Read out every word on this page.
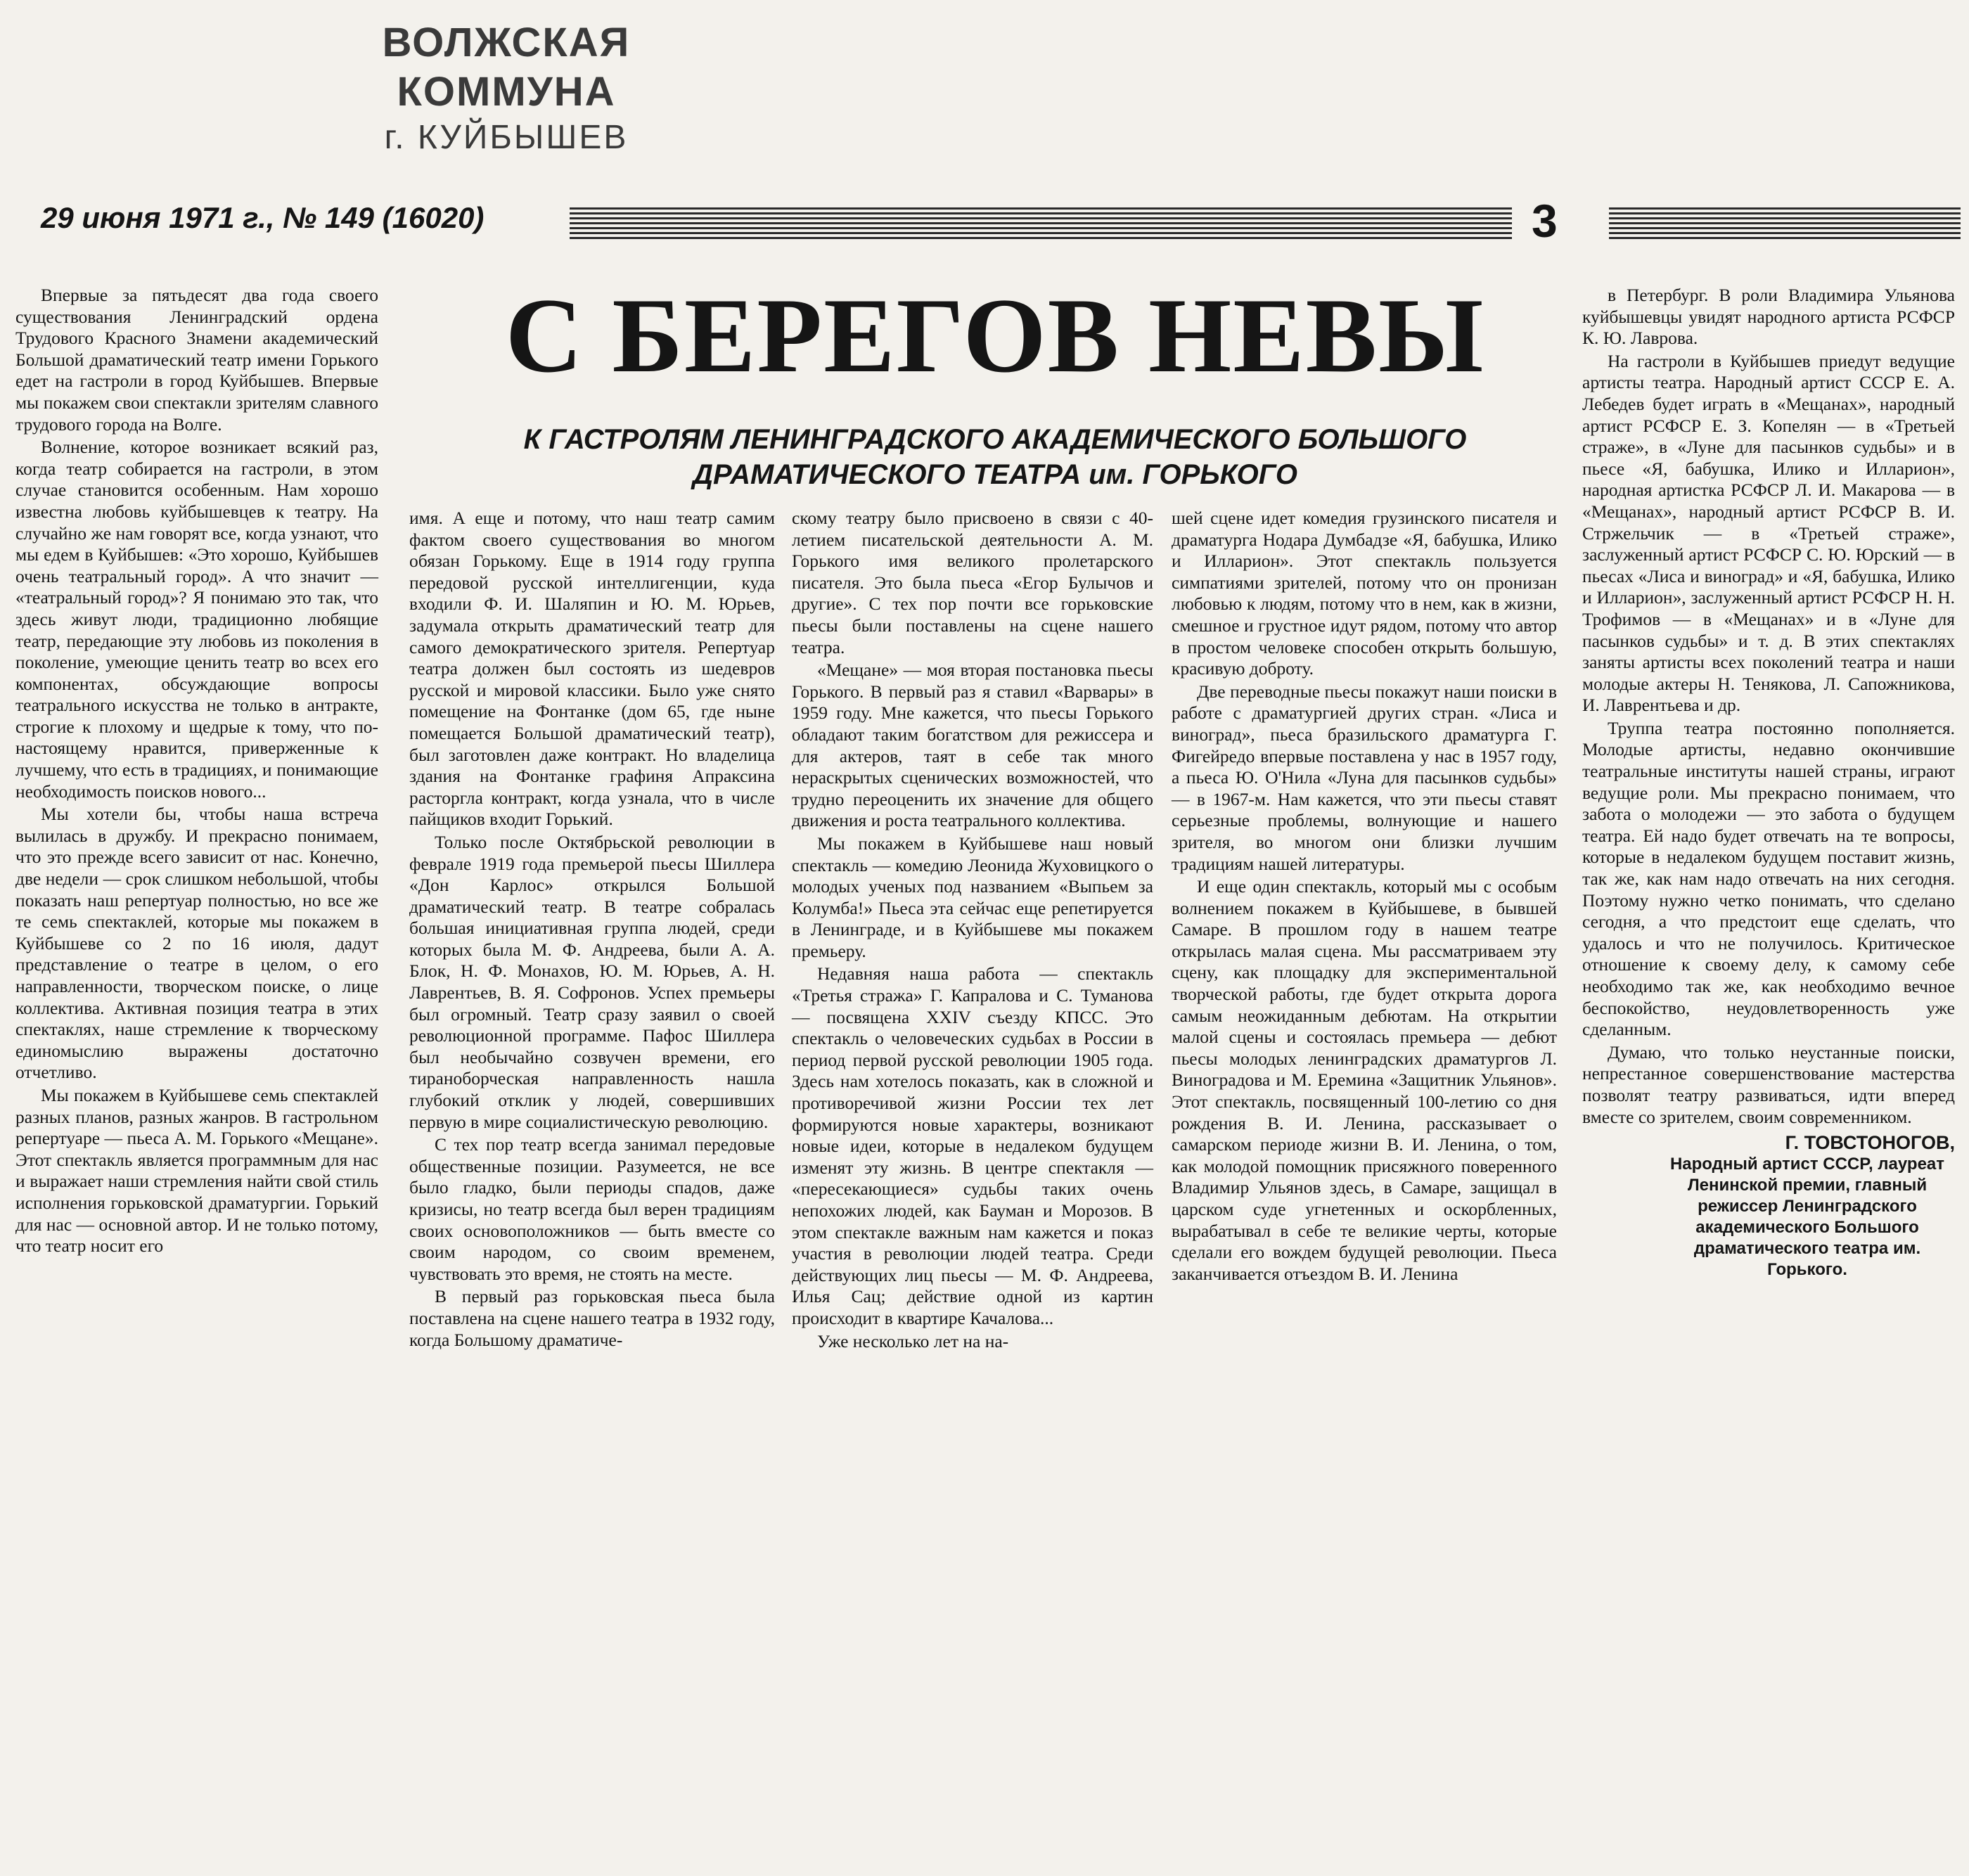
ВОЛЖСКАЯ КОММУНА
г. КУЙБЫШЕВ
29 июня 1971 г., № 149 (16020)	3
С БЕРЕГОВ НЕВЫ
К ГАСТРОЛЯМ ЛЕНИНГРАДСКОГО АКАДЕМИЧЕСКОГО БОЛЬШОГО
ДРАМАТИЧЕСКОГО ТЕАТРА им. ГОРЬКОГО

Впервые за пятьдесят два года своего существования Ленинградский ордена Трудового Красного Знамени академический Большой драматический театр имени Горького едет на гастроли в город Куйбышев. Впервые мы покажем свои спектакли зрителям славного трудового города на Волге.

Волнение, которое возникает всякий раз, когда театр собирается на гастроли, в этом случае становится особенным. Нам хорошо известна любовь куйбышевцев к театру. На случайно же нам говорят все, когда узнают, что мы едем в Куйбышев: «Это хорошо, Куйбышев очень театральный город». А что значит — «театральный город»? Я понимаю это так, что здесь живут люди, традиционно любящие театр, передающие эту любовь из поколения в поколение, умеющие ценить театр во всех его компонентах, обсуждающие вопросы театрального искусства не только в антракте, строгие к плохому и щедрые к тому, что по-настоящему нравится, приверженные к лучшему, что есть в традициях, и понимающие необходимость поисков нового...

Мы хотели бы, чтобы наша встреча вылилась в дружбу. И прекрасно понимаем, что это прежде всего зависит от нас. Конечно, две недели — срок слишком небольшой, чтобы показать наш репертуар полностью, но все же те семь спектаклей, которые мы покажем в Куйбышеве со 2 по 16 июля, дадут представление о театре в целом, о его направленности, творческом поиске, о лице коллектива. Активная позиция театра в этих спектаклях, наше стремление к творческому единомыслию выражены достаточно отчетливо.

Мы покажем в Куйбышеве семь спектаклей разных планов, разных жанров. В гастрольном репертуаре — пьеса А. М. Горького «Мещане». Этот спектакль является программным для нас и выражает наши стремления найти свой стиль исполнения горьковской драматургии. Горький для нас — основной автор. И не только потому, что театр носит его

имя. А еще и потому, что наш театр самим фактом своего существования во многом обязан Горькому. Еще в 1914 году группа передовой русской интеллигенции, куда входили Ф. И. Шаляпин и Ю. М. Юрьев, задумала открыть драматический театр для самого демократического зрителя. Репертуар театра должен был состоять из шедевров русской и мировой классики. Было уже снято помещение на Фонтанке (дом 65, где ныне помещается Большой драматический театр), был заготовлен даже контракт. Но владелица здания на Фонтанке графиня Апраксина расторгла контракт, когда узнала, что в числе пайщиков входит Горький.

Только после Октябрьской революции в феврале 1919 года премьерой пьесы Шиллера «Дон Карлос» открылся Большой драматический театр. В театре собралась большая инициативная группа людей, среди которых была М. Ф. Андреева, были А. А. Блок, Н. Ф. Монахов, Ю. М. Юрьев, А. Н. Лаврентьев, В. Я. Софронов. Успех премьеры был огромный. Театр сразу заявил о своей революционной программе. Пафос Шиллера был необычайно созвучен времени, его тираноборческая направленность нашла глубокий отклик у людей, совершивших первую в мире социалистическую революцию.

С тех пор театр всегда занимал передовые общественные позиции. Разумеется, не все было гладко, были периоды спадов, даже кризисы, но театр всегда был верен традициям своих основоположников — быть вместе со своим народом, со своим временем, чувствовать это время, не стоять на месте.

В первый раз горьковская пьеса была поставлена на сцене нашего театра в 1932 году, когда Большому драматиче-

скому театру было присвоено в связи с 40-летием писательской деятельности А. М. Горького имя великого пролетарского писателя. Это была пьеса «Егор Булычов и другие». С тех пор почти все горьковские пьесы были поставлены на сцене нашего театра.

«Мещане» — моя вторая постановка пьесы Горького. В первый раз я ставил «Варвары» в 1959 году. Мне кажется, что пьесы Горького обладают таким богатством для режиссера и для актеров, таят в себе так много нераскрытых сценических возможностей, что трудно переоценить их значение для общего движения и роста театрального коллектива.

Мы покажем в Куйбышеве наш новый спектакль — комедию Леонида Жуховицкого о молодых ученых под названием «Выпьем за Колумба!» Пьеса эта сейчас еще репетируется в Ленинграде, и в Куйбышеве мы покажем премьеру.

Недавняя наша работа — спектакль «Третья стража» Г. Капралова и С. Туманова — посвящена XXIV съезду КПСС. Это спектакль о человеческих судьбах в России в период первой русской революции 1905 года. Здесь нам хотелось показать, как в сложной и противоречивой жизни России тех лет формируются новые характеры, возникают новые идеи, которые в недалеком будущем изменят эту жизнь. В центре спектакля — «пересекающиеся» судьбы таких очень непохожих людей, как Бауман и Морозов. В этом спектакле важным нам кажется и показ участия в революции людей театра. Среди действующих лиц пьесы — М. Ф. Андреева, Илья Сац; действие одной из картин происходит в квартире Качалова...

Уже несколько лет на на-

шей сцене идет комедия грузинского писателя и драматурга Нодара Думбадзе «Я, бабушка, Илико и Илларион». Этот спектакль пользуется симпатиями зрителей, потому что он пронизан любовью к людям, потому что в нем, как в жизни, смешное и грустное идут рядом, потому что автор в простом человеке способен открыть большую, красивую доброту.

Две переводные пьесы покажут наши поиски в работе с драматургией других стран. «Лиса и виноград», пьеса бразильского драматурга Г. Фигейредо впервые поставлена у нас в 1957 году, а пьеса Ю. О'Нила «Луна для пасынков судьбы» — в 1967-м. Нам кажется, что эти пьесы ставят серьезные проблемы, волнующие и нашего зрителя, во многом они близки лучшим традициям нашей литературы.

И еще один спектакль, который мы с особым волнением покажем в Куйбышеве, в бывшей Самаре. В прошлом году в нашем театре открылась малая сцена. Мы рассматриваем эту сцену, как площадку для экспериментальной творческой работы, где будет открыта дорога самым неожиданным дебютам. На открытии малой сцены и состоялась премьера — дебют пьесы молодых ленинградских драматургов Л. Виноградова и М. Еремина «Защитник Ульянов». Этот спектакль, посвященный 100-летию со дня рождения В. И. Ленина, рассказывает о самарском периоде жизни В. И. Ленина, о том, как молодой помощник присяжного поверенного Владимир Ульянов здесь, в Самаре, защищал в царском суде угнетенных и оскорбленных, вырабатывал в себе те великие черты, которые сделали его вождем будущей революции. Пьеса заканчивается отъездом В. И. Ленина

в Петербург. В роли Владимира Ульянова куйбышевцы увидят народного артиста РСФСР К. Ю. Лаврова.

На гастроли в Куйбышев приедут ведущие артисты театра. Народный артист СССР Е. А. Лебедев будет играть в «Мещанах», народный артист РСФСР Е. З. Копелян — в «Третьей страже», в «Луне для пасынков судьбы» и в пьесе «Я, бабушка, Илико и Илларион», народная артистка РСФСР Л. И. Макарова — в «Мещанах», народный артист РСФСР В. И. Стржельчик — в «Третьей страже», заслуженный артист РСФСР С. Ю. Юрский — в пьесах «Лиса и виноград» и «Я, бабушка, Илико и Илларион», заслуженный артист РСФСР Н. Н. Трофимов — в «Мещанах» и в «Луне для пасынков судьбы» и т. д. В этих спектаклях заняты артисты всех поколений театра и наши молодые актеры Н. Тенякова, Л. Сапожникова, И. Лаврентьева и др.

Труппа театра постоянно пополняется. Молодые артисты, недавно окончившие театральные институты нашей страны, играют ведущие роли. Мы прекрасно понимаем, что забота о молодежи — это забота о будущем театра. Ей надо будет отвечать на те вопросы, которые в недалеком будущем поставит жизнь, так же, как нам надо отвечать на них сегодня. Поэтому нужно четко понимать, что сделано сегодня, а что предстоит еще сделать, что удалось и что не получилось. Критическое отношение к своему делу, к самому себе необходимо так же, как необходимо вечное беспокойство, неудовлетворенность уже сделанным.

Думаю, что только неустанные поиски, непрестанное совершенствование мастерства позволят театру развиваться, идти вперед вместе со зрителем, своим современником.

Г. ТОВСТОНОГОВ,
Народный артист СССР, лауреат Ленинской премии, главный режиссер Ленинградского академического Большого драматического театра им. Горького.
